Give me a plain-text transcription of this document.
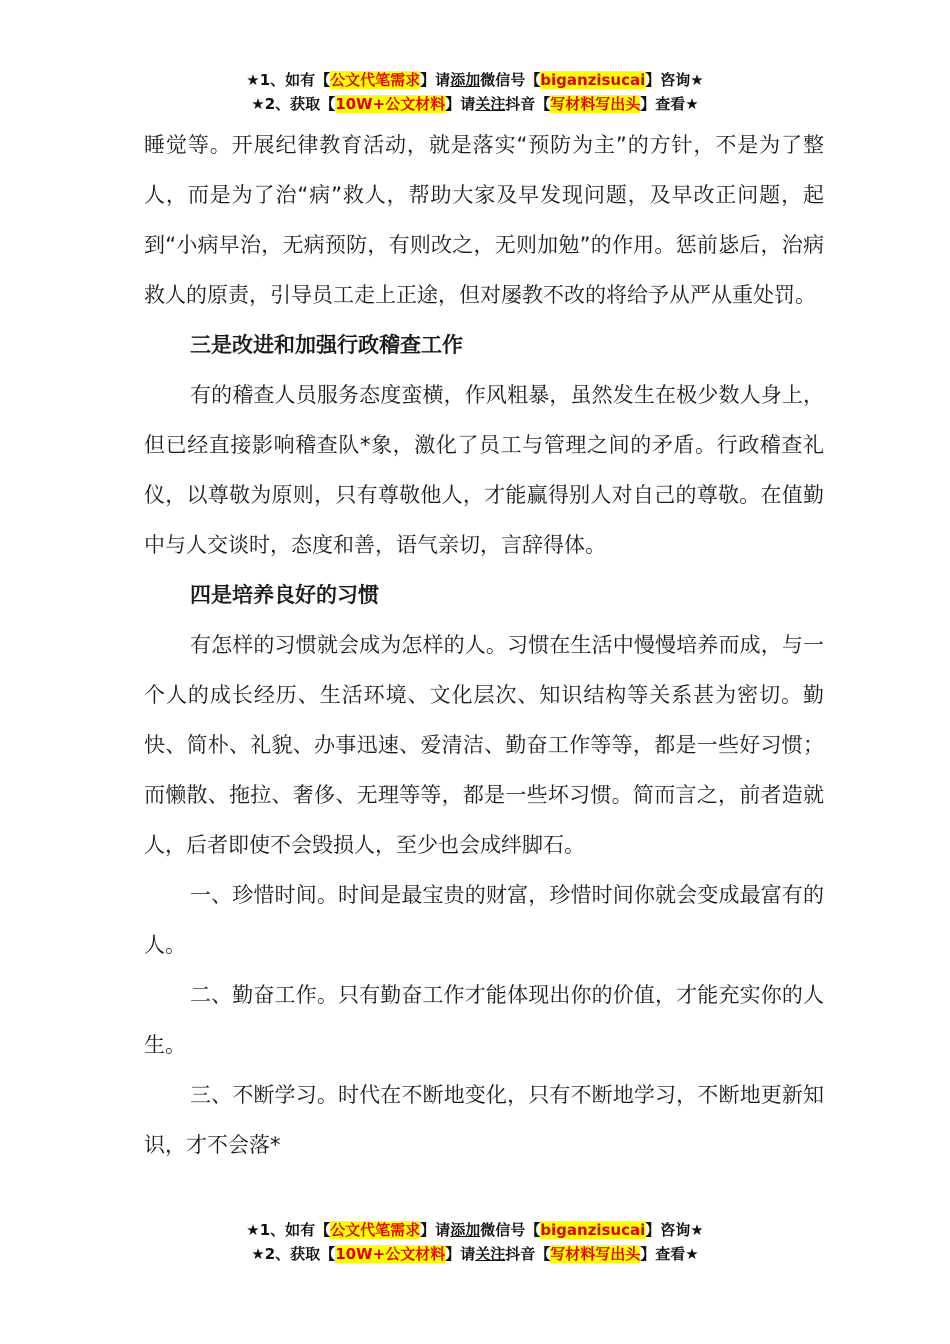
★1、如有【公文代笔需求】请添加微信号【biganzisucai】咨询★
★2、获取【10W+公文材料】请关注抖音【写材料写出头】查看★

睡觉等。开展纪律教育活动，就是落实“预防为主”的方针，不是为了整人，而是为了治“病”救人，帮助大家及早发现问题，及早改正问题，起到“小病早治，无病预防，有则改之，无则加勉”的作用。惩前毖后，治病救人的原责，引导员工走上正途，但对屡教不改的将给予从严从重处罚。

三是改进和加强行政稽查工作

有的稽查人员服务态度蛮横，作风粗暴，虽然发生在极少数人身上，但已经直接影响稽查队*象，激化了员工与管理之间的矛盾。行政稽查礼仪，以尊敬为原则，只有尊敬他人，才能赢得别人对自己的尊敬。在值勤中与人交谈时，态度和善，语气亲切，言辞得体。

四是培养良好的习惯

有怎样的习惯就会成为怎样的人。习惯在生活中慢慢培养而成，与一个人的成长经历、生活环境、文化层次、知识结构等关系甚为密切。勤快、简朴、礼貌、办事迅速、爱清洁、勤奋工作等等，都是一些好习惯；而懒散、拖拉、奢侈、无理等等，都是一些坏习惯。简而言之，前者造就人，后者即使不会毁损人，至少也会成绊脚石。

一、珍惜时间。时间是最宝贵的财富，珍惜时间你就会变成最富有的人。

二、勤奋工作。只有勤奋工作才能体现出你的价值，才能充实你的人生。

三、不断学习。时代在不断地变化，只有不断地学习，不断地更新知识，才不会落*

★1、如有【公文代笔需求】请添加微信号【biganzisucai】咨询★
★2、获取【10W+公文材料】请关注抖音【写材料写出头】查看★
